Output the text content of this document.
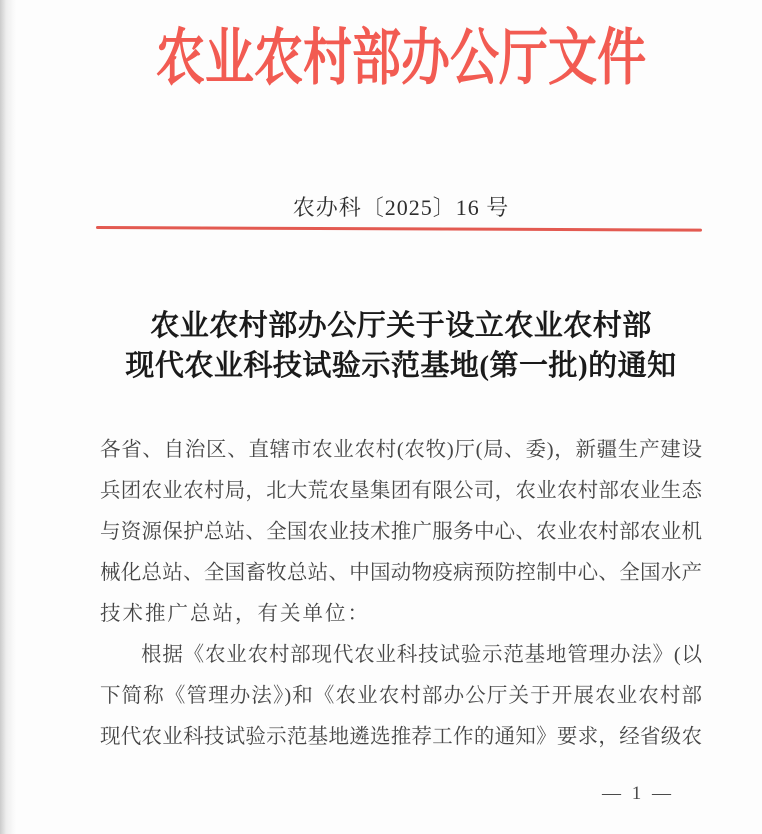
农业农村部办公厅文件
农办科〔2025〕16 号
农业农村部办公厅关于设立农业农村部
现代农业科技试验示范基地(第一批)的通知
各省、自治区、直辖市农业农村(农牧)厅(局、委)，新疆生产建设
兵团农业农村局，北大荒农垦集团有限公司，农业农村部农业生态
与资源保护总站、全国农业技术推广服务中心、农业农村部农业机
械化总站、全国畜牧总站、中国动物疫病预防控制中心、全国水产
技术推广总站，有关单位：
根据《农业农村部现代农业科技试验示范基地管理办法》(以
下简称《管理办法》)和《农业农村部办公厅关于开展农业农村部
现代农业科技试验示范基地遴选推荐工作的通知》要求，经省级农
— 1 —
